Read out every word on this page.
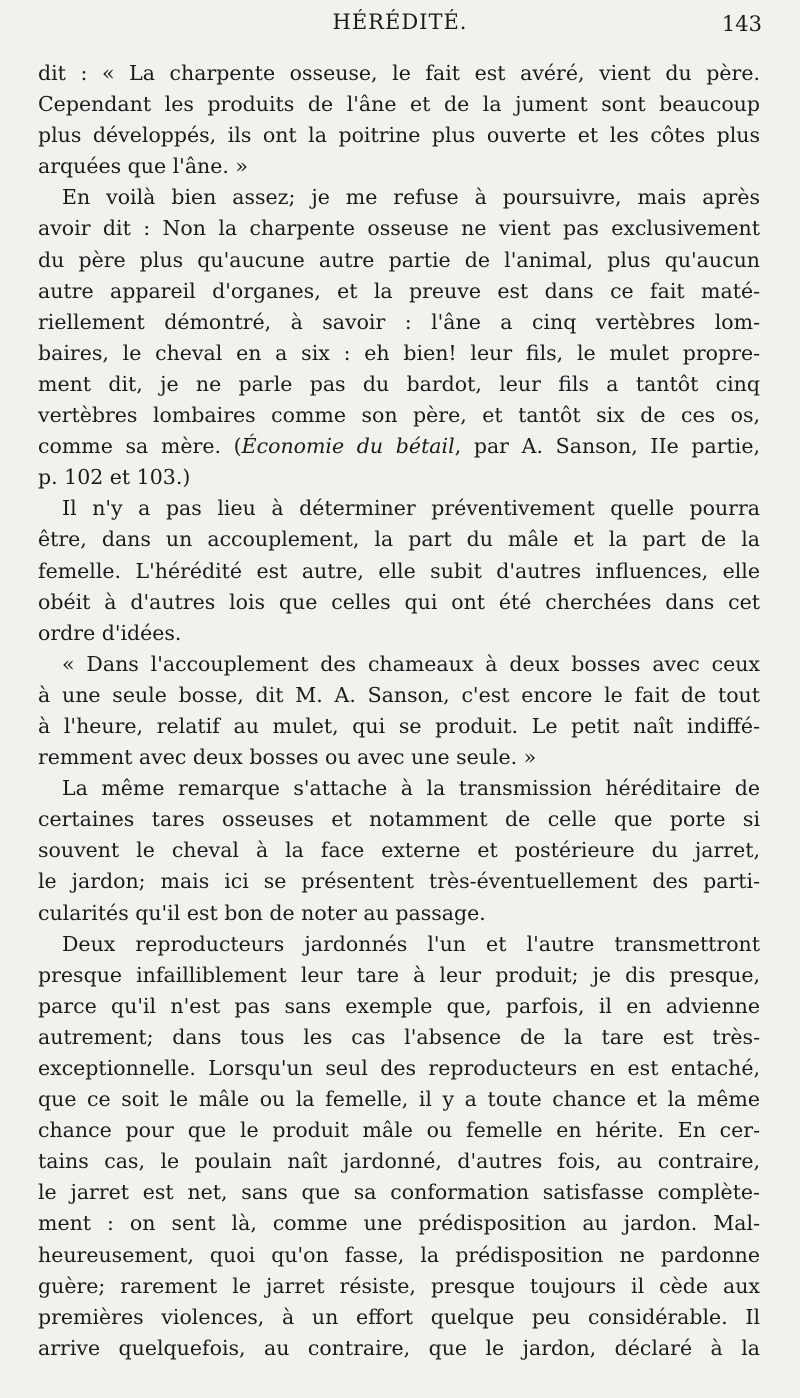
HÉRÉDITÉ.	143
dit : « La charpente osseuse, le fait est avéré, vient du père.
Cependant les produits de l'âne et de la jument sont beaucoup
plus développés, ils ont la poitrine plus ouverte et les côtes plus
arquées que l'âne. »
En voilà bien assez; je me refuse à poursuivre, mais après
avoir dit : Non la charpente osseuse ne vient pas exclusivement
du père plus qu'aucune autre partie de l'animal, plus qu'aucun
autre appareil d'organes, et la preuve est dans ce fait maté-
riellement démontré, à savoir : l'âne a cinq vertèbres lom-
baires, le cheval en a six : eh bien! leur fils, le mulet propre-
ment dit, je ne parle pas du bardot, leur fils a tantôt cinq
vertèbres lombaires comme son père, et tantôt six de ces os,
comme sa mère. (Économie du bétail, par A. Sanson, IIe partie,
p. 102 et 103.)
Il n'y a pas lieu à déterminer préventivement quelle pourra
être, dans un accouplement, la part du mâle et la part de la
femelle. L'hérédité est autre, elle subit d'autres influences, elle
obéit à d'autres lois que celles qui ont été cherchées dans cet
ordre d'idées.
« Dans l'accouplement des chameaux à deux bosses avec ceux
à une seule bosse, dit M. A. Sanson, c'est encore le fait de tout
à l'heure, relatif au mulet, qui se produit. Le petit naît indiffé-
remment avec deux bosses ou avec une seule. »
La même remarque s'attache à la transmission héréditaire de
certaines tares osseuses et notamment de celle que porte si
souvent le cheval à la face externe et postérieure du jarret,
le jardon; mais ici se présentent très-éventuellement des parti-
cularités qu'il est bon de noter au passage.
Deux reproducteurs jardonnés l'un et l'autre transmettront
presque infailliblement leur tare à leur produit; je dis presque,
parce qu'il n'est pas sans exemple que, parfois, il en advienne
autrement; dans tous les cas l'absence de la tare est très-
exceptionnelle. Lorsqu'un seul des reproducteurs en est entaché,
que ce soit le mâle ou la femelle, il y a toute chance et la même
chance pour que le produit mâle ou femelle en hérite. En cer-
tains cas, le poulain naît jardonné, d'autres fois, au contraire,
le jarret est net, sans que sa conformation satisfasse complète-
ment : on sent là, comme une prédisposition au jardon. Mal-
heureusement, quoi qu'on fasse, la prédisposition ne pardonne
guère; rarement le jarret résiste, presque toujours il cède aux
premières violences, à un effort quelque peu considérable. Il
arrive quelquefois, au contraire, que le jardon, déclaré à la
